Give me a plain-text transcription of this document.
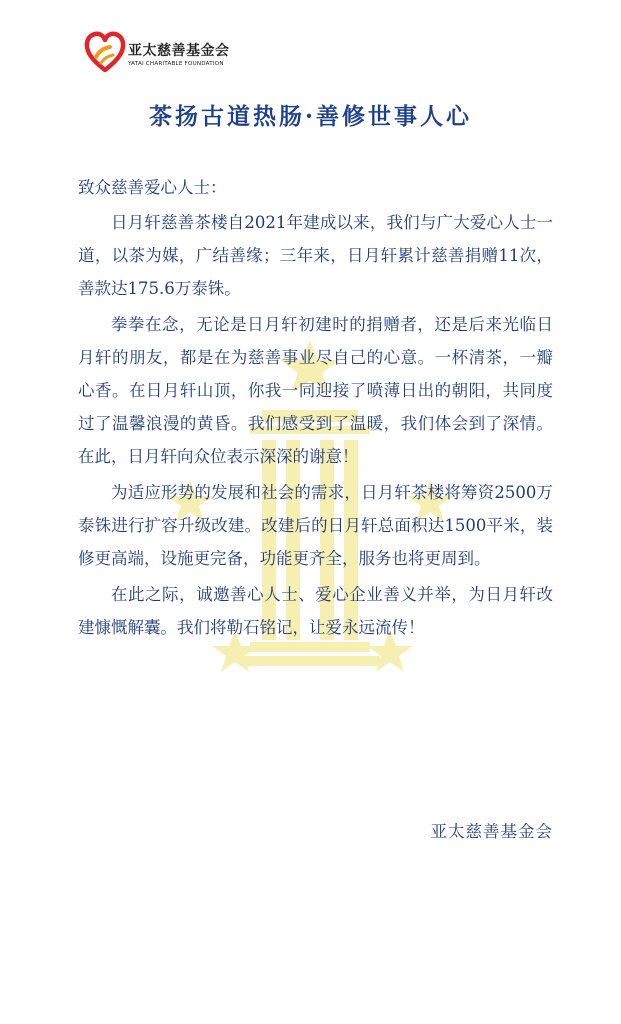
亚太慈善基金会
YATAI CHARITABLE FOUNDATION
茶扬古道热肠·善修世事人心
致众慈善爱心人士：

日月轩慈善茶楼自2021年建成以来，我们与广大爱心人士一道，以茶为媒，广结善缘；三年来，日月轩累计慈善捐赠11次，善款达175.6万泰铢。

拳拳在念，无论是日月轩初建时的捐赠者，还是后来光临日月轩的朋友，都是在为慈善事业尽自己的心意。一杯清茶，一瓣心香。在日月轩山顶，你我一同迎接了喷薄日出的朝阳，共同度过了温馨浪漫的黄昏。我们感受到了温暖，我们体会到了深情。在此，日月轩向众位表示深深的谢意！

为适应形势的发展和社会的需求，日月轩茶楼将筹资2500万泰铢进行扩容升级改建。改建后的日月轩总面积达1500平米，装修更高端，设施更完备，功能更齐全，服务也将更周到。

在此之际，诚邀善心人士、爱心企业善义并举，为日月轩改建慷慨解囊。我们将勒石铭记，让爱永远流传！

亚太慈善基金会
